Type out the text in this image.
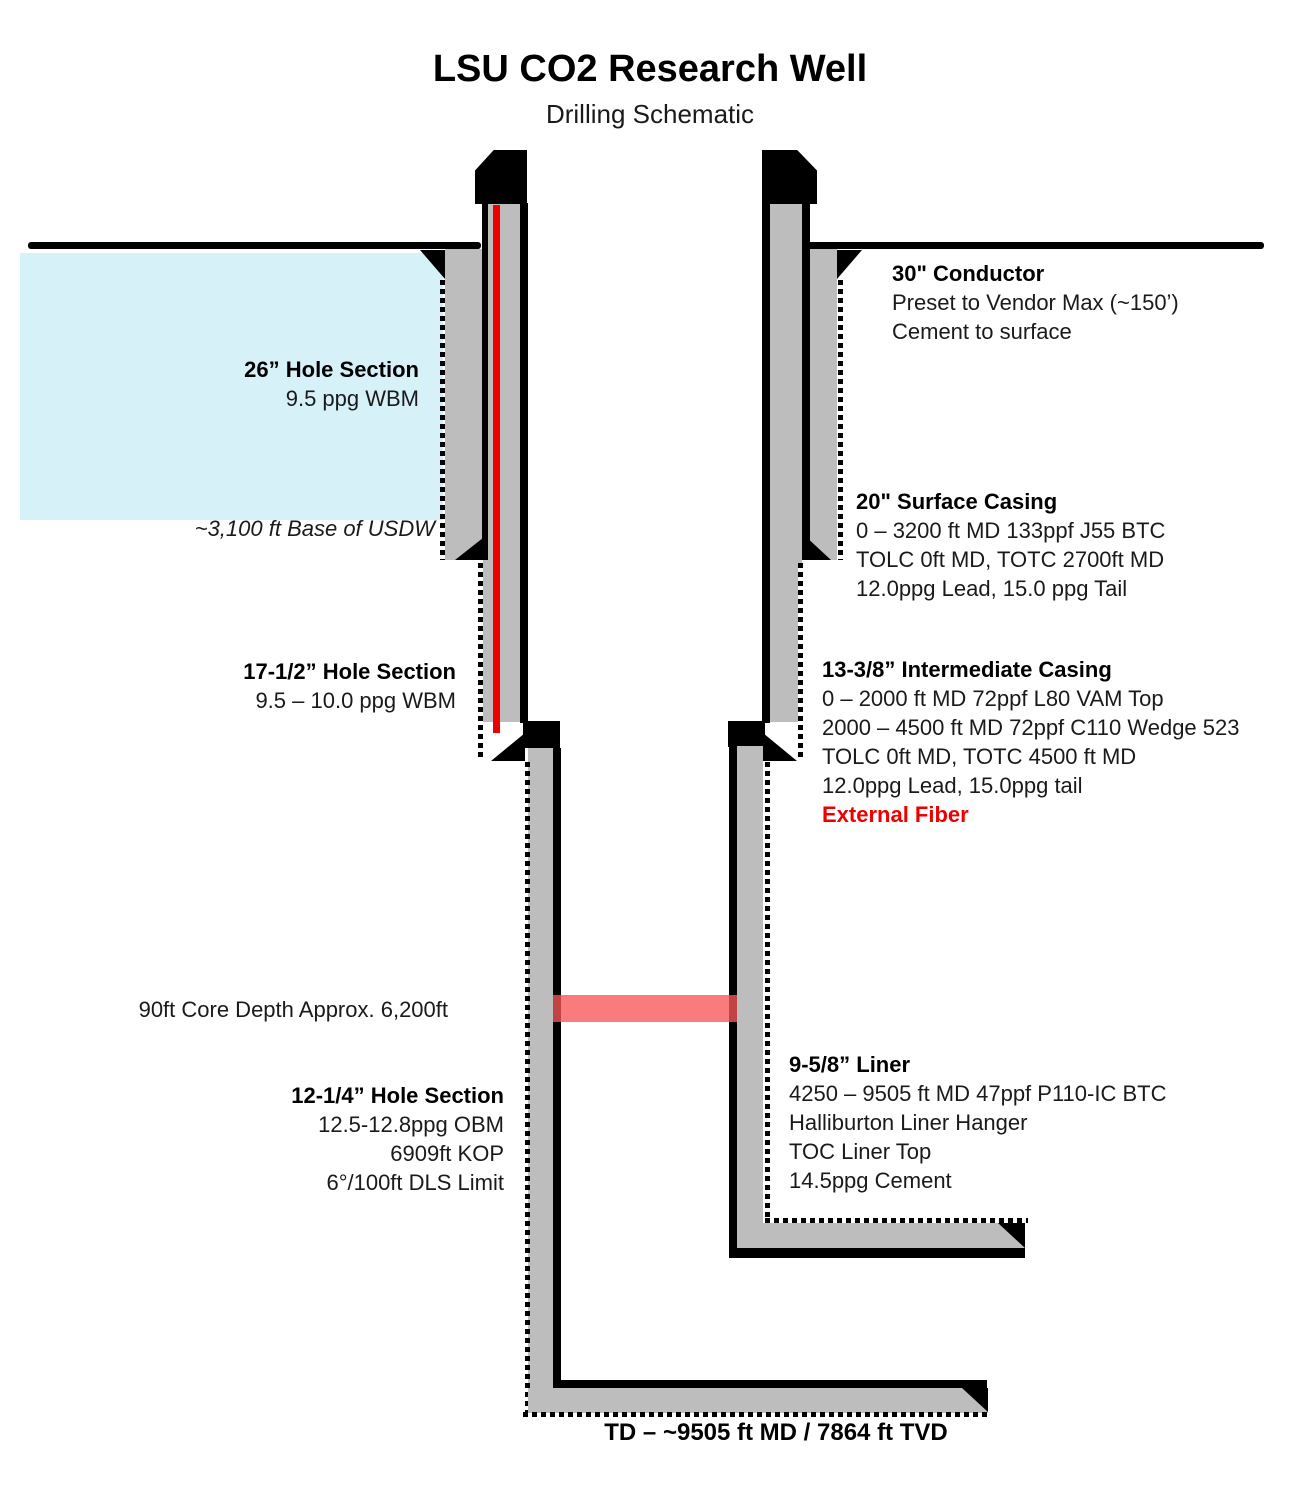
LSU CO2 Research Well
Drilling Schematic
26” Hole Section
9.5 ppg WBM
~3,100 ft Base of USDW
17-1/2” Hole Section
9.5 – 10.0 ppg WBM
90ft Core Depth Approx. 6,200ft
12-1/4” Hole Section
12.5-12.8ppg OBM
6909ft KOP
6°/100ft DLS Limit
30" Conductor
Preset to Vendor Max (~150’)
Cement to surface
20" Surface Casing
0 – 3200 ft MD 133ppf J55 BTC
TOLC 0ft MD, TOTC 2700ft MD
12.0ppg Lead, 15.0 ppg Tail
13-3/8” Intermediate Casing
0 – 2000 ft MD 72ppf L80 VAM Top
2000 – 4500 ft MD 72ppf C110 Wedge 523
TOLC 0ft MD, TOTC 4500 ft MD
12.0ppg Lead, 15.0ppg tail
External Fiber
9-5/8” Liner
4250 – 9505 ft MD 47ppf P110-IC BTC
Halliburton Liner Hanger
TOC Liner Top
14.5ppg Cement
TD – ~9505 ft MD / 7864 ft TVD
